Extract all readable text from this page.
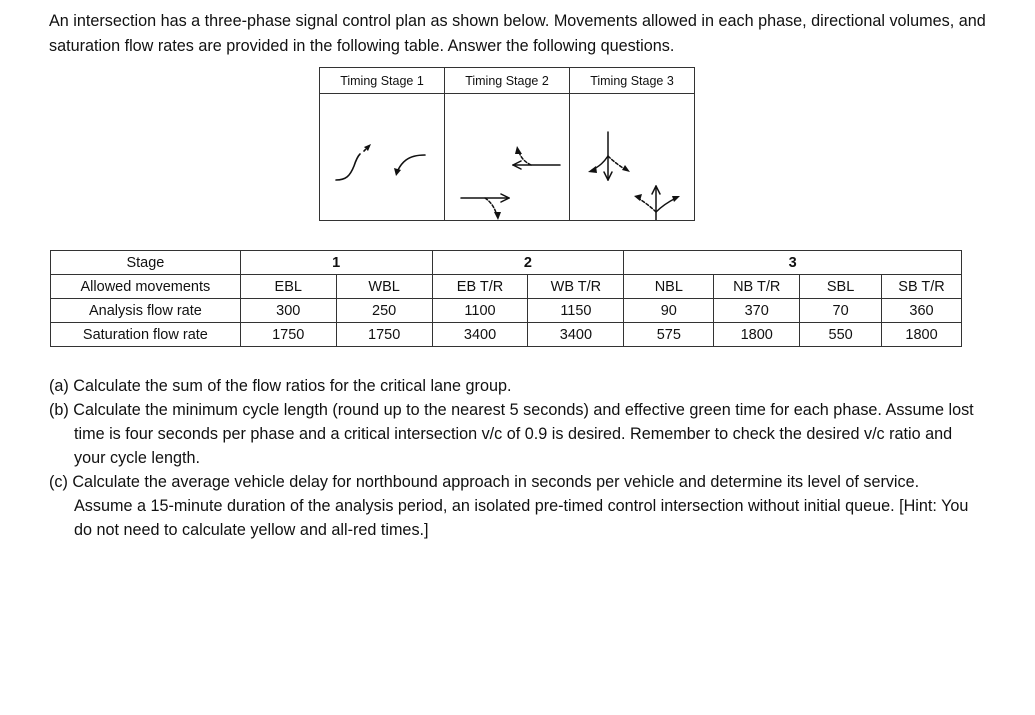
An intersection has a three-phase signal control plan as shown below. Movements allowed in each phase, directional volumes, and saturation flow rates are provided in the following table. Answer the following questions.
Timing Stage 1	Timing Stage 2	Timing Stage 3

Stage	1		2		3			
Allowed movements	EBL	WBL	EB T/R	WB T/R	NBL	NB T/R	SBL	SB T/R
Analysis flow rate	300	250	1100	1150	90	370	70	360
Saturation flow rate	1750	1750	3400	3400	575	1800	550	1800
(a) Calculate the sum of the flow ratios for the critical lane group.
(b) Calculate the minimum cycle length (round up to the nearest 5 seconds) and effective green time for each phase. Assume lost time is four seconds per phase and a critical intersection v/c of 0.9 is desired. Remember to check the desired v/c ratio and your cycle length.
(c) Calculate the average vehicle delay for northbound approach in seconds per vehicle and determine its level of service. Assume a 15-minute duration of the analysis period, an isolated pre-timed control intersection without initial queue. [Hint: You do not need to calculate yellow and all-red times.]
